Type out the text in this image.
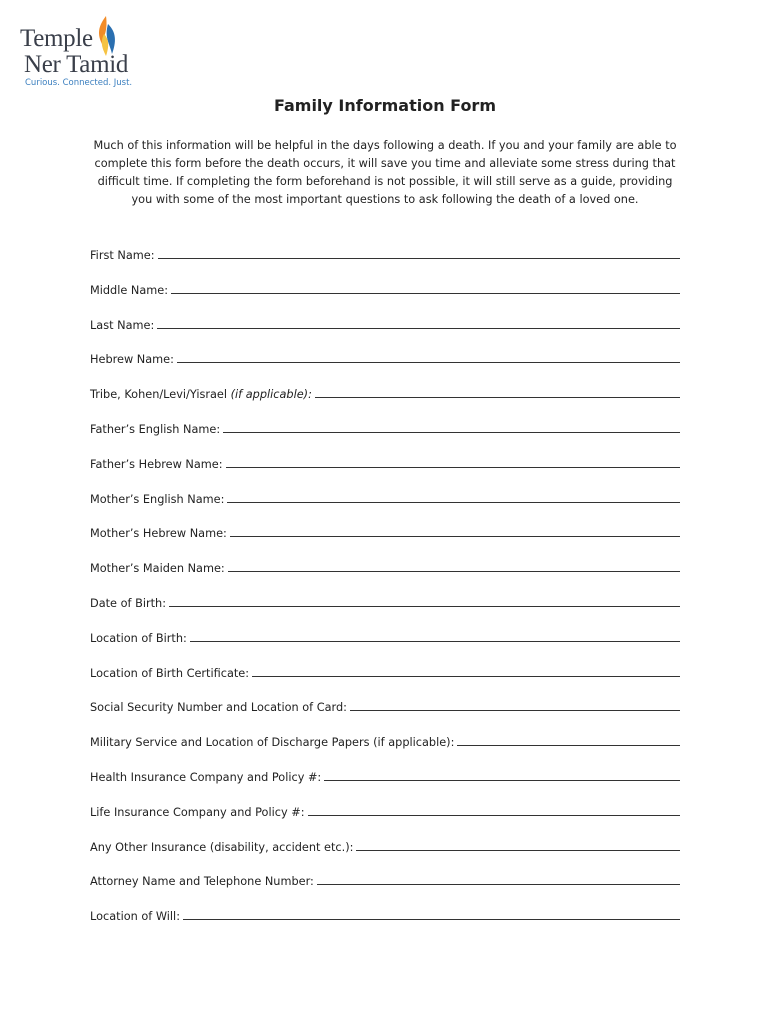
Temple
Ner Tamid
Curious. Connected. Just.
Family Information Form
Much of this information will be helpful in the days following a death. If you and your family are able to complete this form before the death occurs, it will save you time and alleviate some stress during that difficult time. If completing the form beforehand is not possible, it will still serve as a guide, providing you with some of the most important questions to ask following the death of a loved one.
First Name:
Middle Name:
Last Name:
Hebrew Name:
Tribe, Kohen/Levi/Yisrael (if applicable):
Father’s English Name:
Father’s Hebrew Name:
Mother’s English Name:
Mother’s Hebrew Name:
Mother’s Maiden Name:
Date of Birth:
Location of Birth:
Location of Birth Certificate:
Social Security Number and Location of Card:
Military Service and Location of Discharge Papers (if applicable):
Health Insurance Company and Policy #:
Life Insurance Company and Policy #:
Any Other Insurance (disability, accident etc.):
Attorney Name and Telephone Number:
Location of Will:
